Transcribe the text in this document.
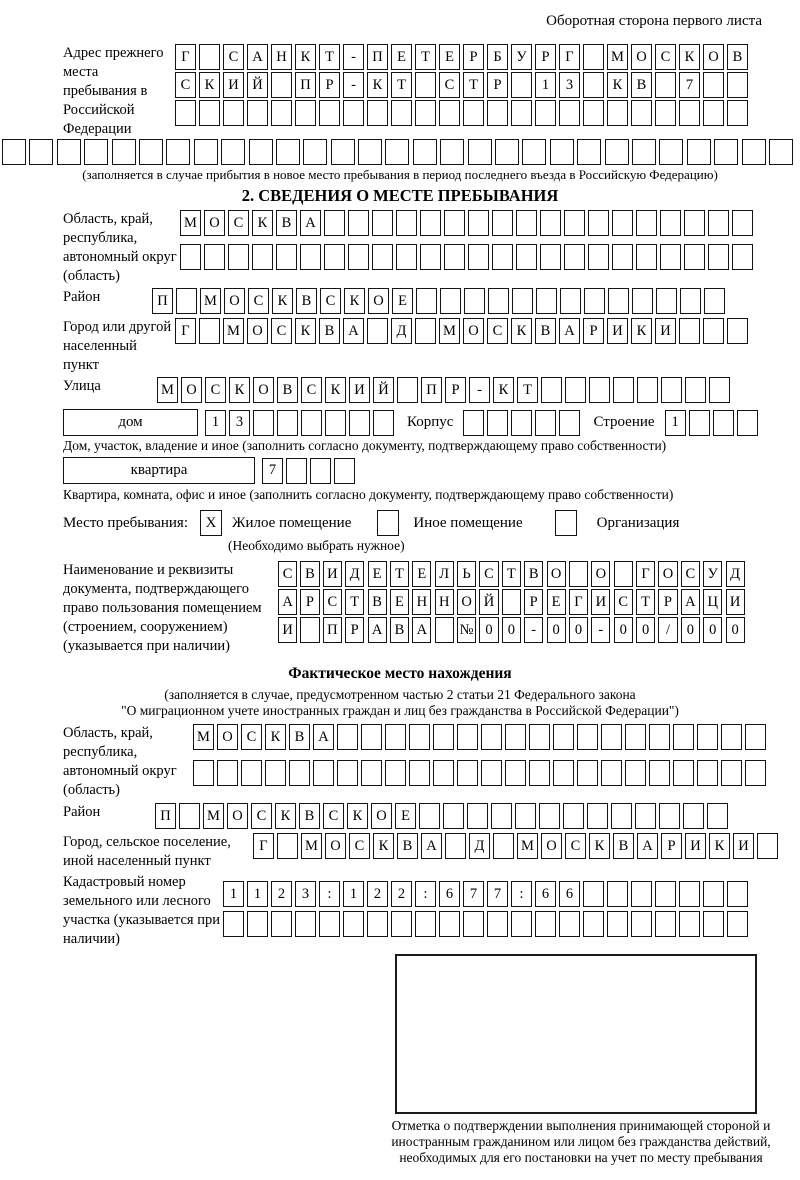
Оборотная сторона первого листа
Адрес прежнего места пребывания в Российской Федерации
Г	С А Н К	Т	-	П Е	Т	Е	Р	Б	У	Р	Г	М О С К О В
С К И Й	П	Р	-	К	Т	С	Т	Р	1	3	К В	7
(заполняется в случае прибытия в новое место пребывания в период последнего въезда в Российскую Федерацию)
2. СВЕДЕНИЯ О МЕСТЕ ПРЕБЫВАНИЯ
Область, край, республика, автономный округ (область)
М О С К В А
Район	П	М О С К В С К О Е
Город или другой населенный пункт
Г	М О С К В А	Д	М О С К В А	Р	И К И
Улица	М О С К О В С К И Й	П	Р	-	К	Т
дом	1	3	Корпус	Строение	1
Дом, участок, владение и иное (заполнить согласно документу, подтверждающему право собственности)
квартира	7
Квартира, комната, офис и иное (заполнить согласно документу, подтверждающему право собственности)
Место пребывания:	X	Жилое помещение	Иное помещение	Организация
(Необходимо выбрать нужное)
Наименование и реквизиты документа, подтверждающего право пользования помещением (строением, сооружением) (указывается при наличии)
С В И Д Е Т Е Л Ь С Т В О	О	Г О С У Д
А Р С Т В Е Н Н О Й	Р Е Г И С Т Р А Ц И
И	П Р А В А	№ 0	0	-	0	0	-	0	0	/	0	0	0
Фактическое место нахождения
(заполняется в случае, предусмотренном частью 2 статьи 21 Федерального закона
"О миграционном учете иностранных граждан и лиц без гражданства в Российской Федерации")
Область, край, республика, автономный округ (область)
М О С К В А
Район	П	М О С К В С К О Е
Город, сельское поселение, иной населенный пункт
Г	М О С К В А	Д	М О С К В А	Р	И К И
Кадастровый номер земельного или лесного участка (указывается при наличии)
1	1	2	3	:	1	2	2	:	6	7	7	:	6	6
Отметка о подтверждении выполнения принимающей стороной и иностранным гражданином или лицом без гражданства действий, необходимых для его постановки на учет по месту пребывания
